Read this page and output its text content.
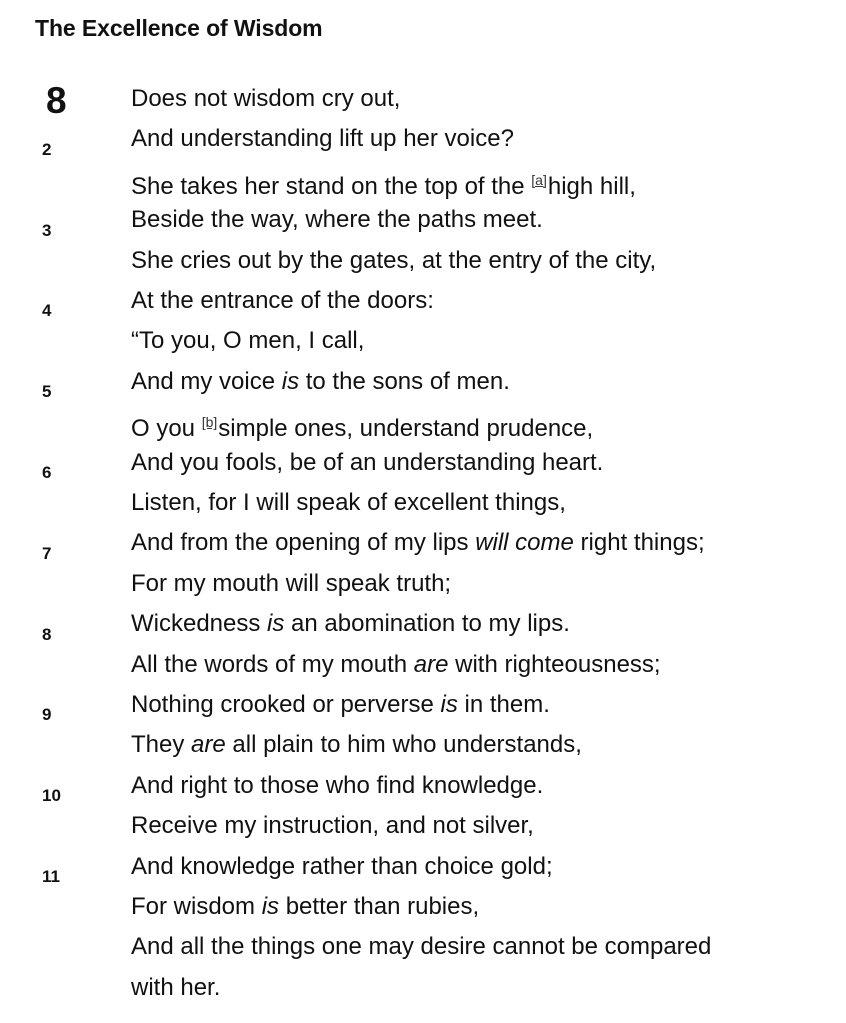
The Excellence of Wisdom
8	Does not wisdom cry out,
And understanding lift up her voice?
2
She takes her stand on the top of the [a]high hill,
Beside the way, where the paths meet.
3
She cries out by the gates, at the entry of the city,
At the entrance of the doors:
4
“To you, O men, I call,
And my voice is to the sons of men.
5
O you [b]simple ones, understand prudence,
And you fools, be of an understanding heart.
6
Listen, for I will speak of excellent things,
And from the opening of my lips will come right things;
7
For my mouth will speak truth;
Wickedness is an abomination to my lips.
8
All the words of my mouth are with righteousness;
Nothing crooked or perverse is in them.
9
They are all plain to him who understands,
And right to those who find knowledge.
10
Receive my instruction, and not silver,
And knowledge rather than choice gold;
11
For wisdom is better than rubies,
And all the things one may desire cannot be compared
with her.
